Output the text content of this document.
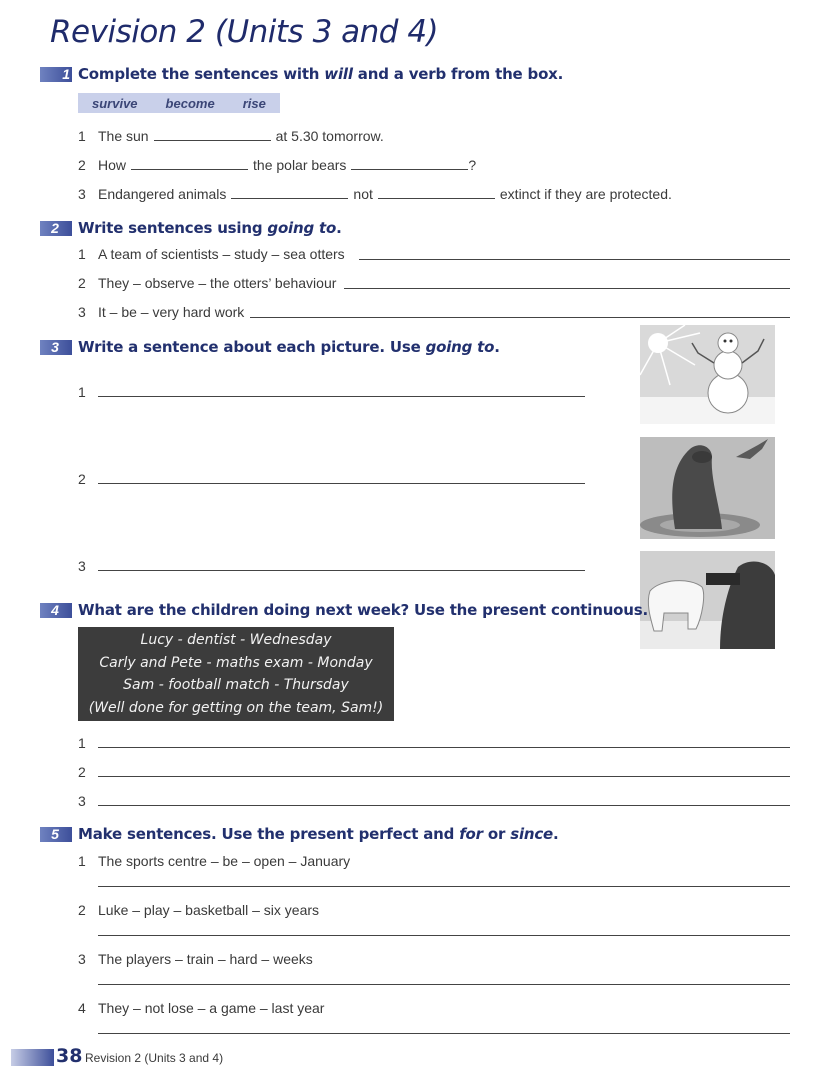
Revision 2 (Units 3 and 4)
1 Complete the sentences with will and a verb from the box.
survive become rise
1 The sun	at 5.30 tomorrow.
2 How	the polar bears	?
3 Endangered animals	not	extinct if they are protected.
2	Write sentences using going to.
1 A team of scientists – study – sea otters
2 They – observe – the otters’ behaviour
3 It – be – very hard work
3	Write a sentence about each picture. Use going to.
1
2
3
4	What are the children doing next week? Use the present continuous.
Lucy - dentist - Wednesday
Carly and Pete - maths exam - Monday
Sam - football match - Thursday
(Well done for getting on the team, Sam!)
1
2
3
5	Make sentences. Use the present perfect and for or since.
1 The sports centre – be – open – January
2 Luke – play – basketball – six years
3 The players – train – hard – weeks
4 They – not lose – a game – last year
38 Revision 2 (Units 3 and 4)
